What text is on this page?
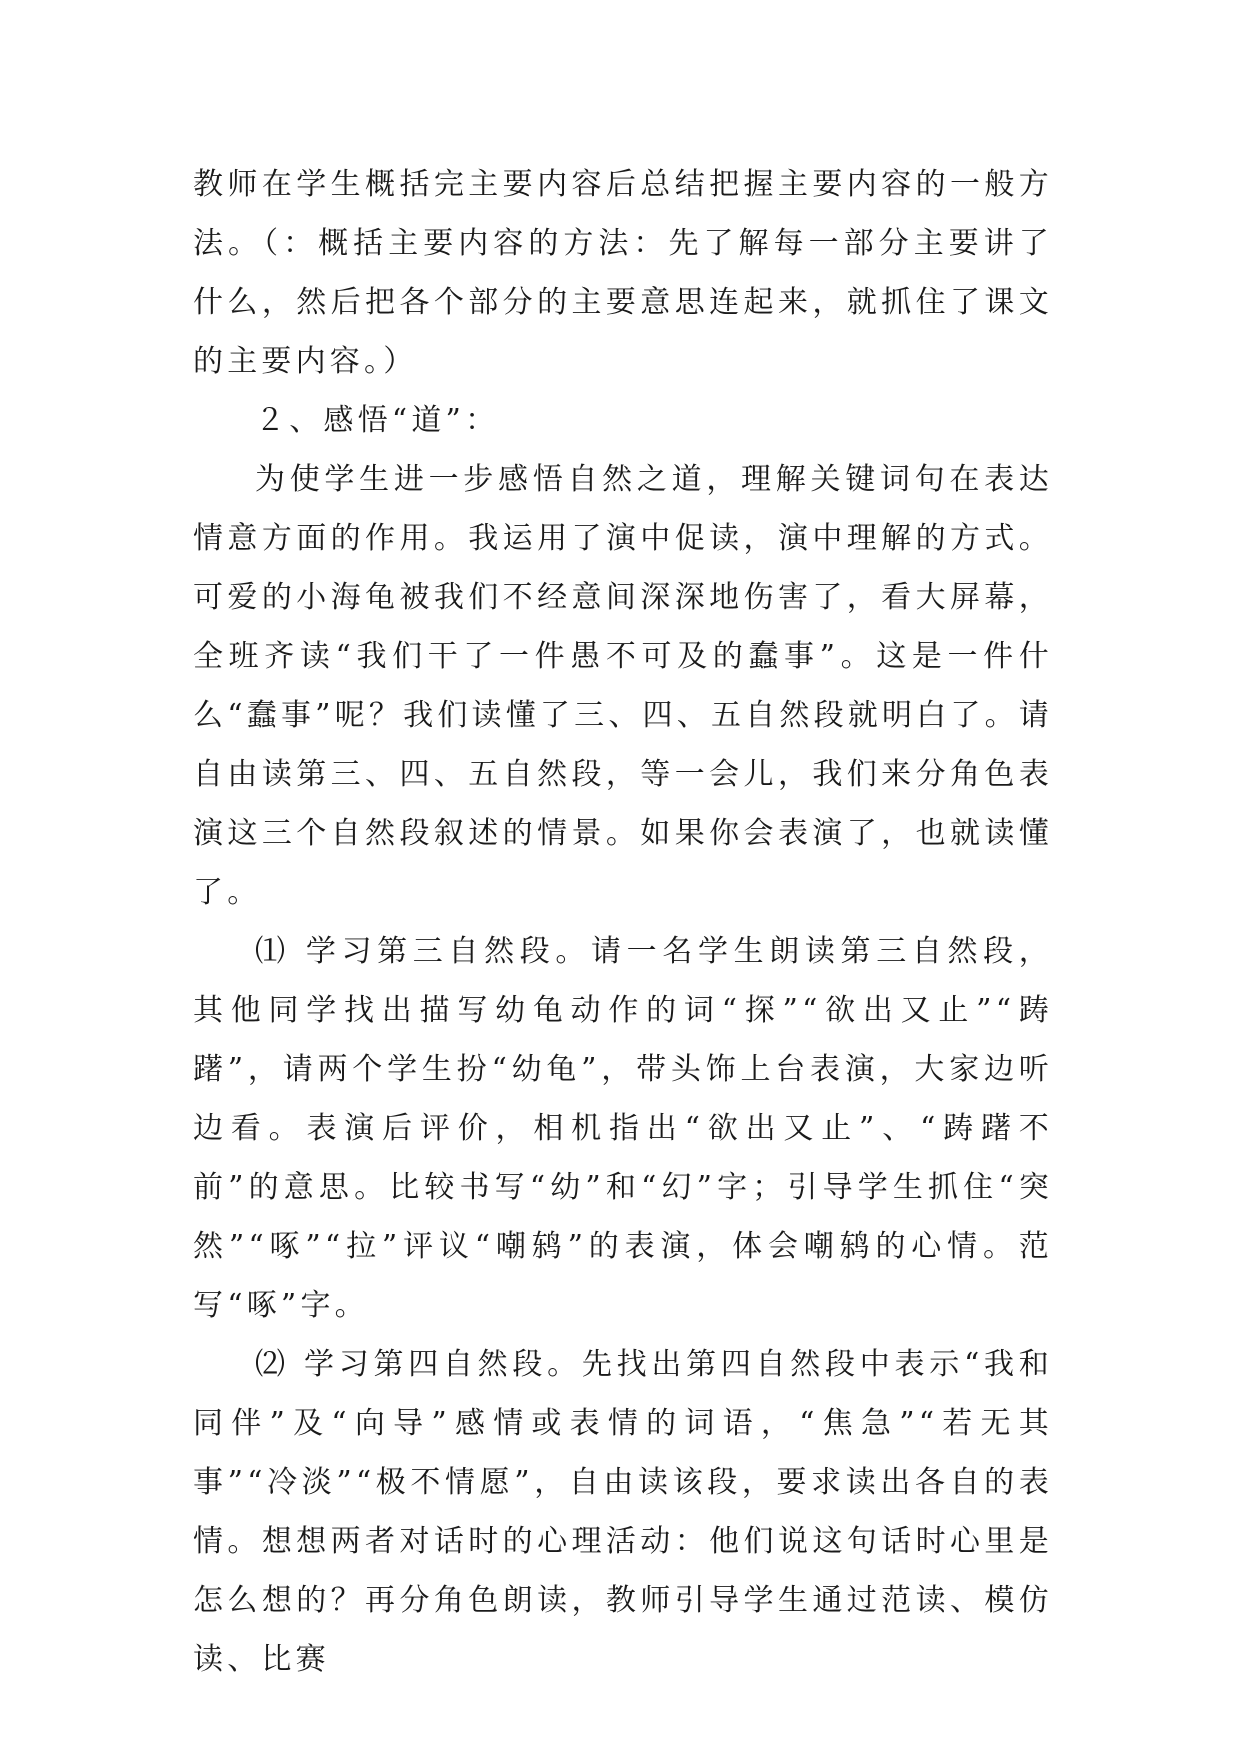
教师在学生概括完主要内容后总结把握主要内容的一般方法。（：概括主要内容的方法：先了解每一部分主要讲了什么，然后把各个部分的主要意思连起来，就抓住了课文的主要内容。）

２、感悟“道”：

为使学生进一步感悟自然之道，理解关键词句在表达情意方面的作用。我运用了演中促读，演中理解的方式。可爱的小海龟被我们不经意间深深地伤害了，看大屏幕，全班齐读“我们干了一件愚不可及的蠢事”。这是一件什么“蠢事”呢？我们读懂了三、四、五自然段就明白了。请自由读第三、四、五自然段，等一会儿，我们来分角色表演这三个自然段叙述的情景。如果你会表演了，也就读懂了。

⑴ 学习第三自然段。请一名学生朗读第三自然段，其他同学找出描写幼龟动作的词“探”“欲出又止”“踌躇”，请两个学生扮“幼龟”，带头饰上台表演，大家边听边看。表演后评价，相机指出“欲出又止”、“踌躇不前”的意思。比较书写“幼”和“幻”字；引导学生抓住“突然”“啄”“拉”评议“嘲鸫”的表演，体会嘲鸫的心情。范写“啄”字。

⑵ 学习第四自然段。先找出第四自然段中表示“我和同伴”及“向导”感情或表情的词语，“焦急”“若无其事”“冷淡”“极不情愿”，自由读该段，要求读出各自的表情。想想两者对话时的心理活动：他们说这句话时心里是怎么想的？再分角色朗读，教师引导学生通过范读、模仿读、比赛
